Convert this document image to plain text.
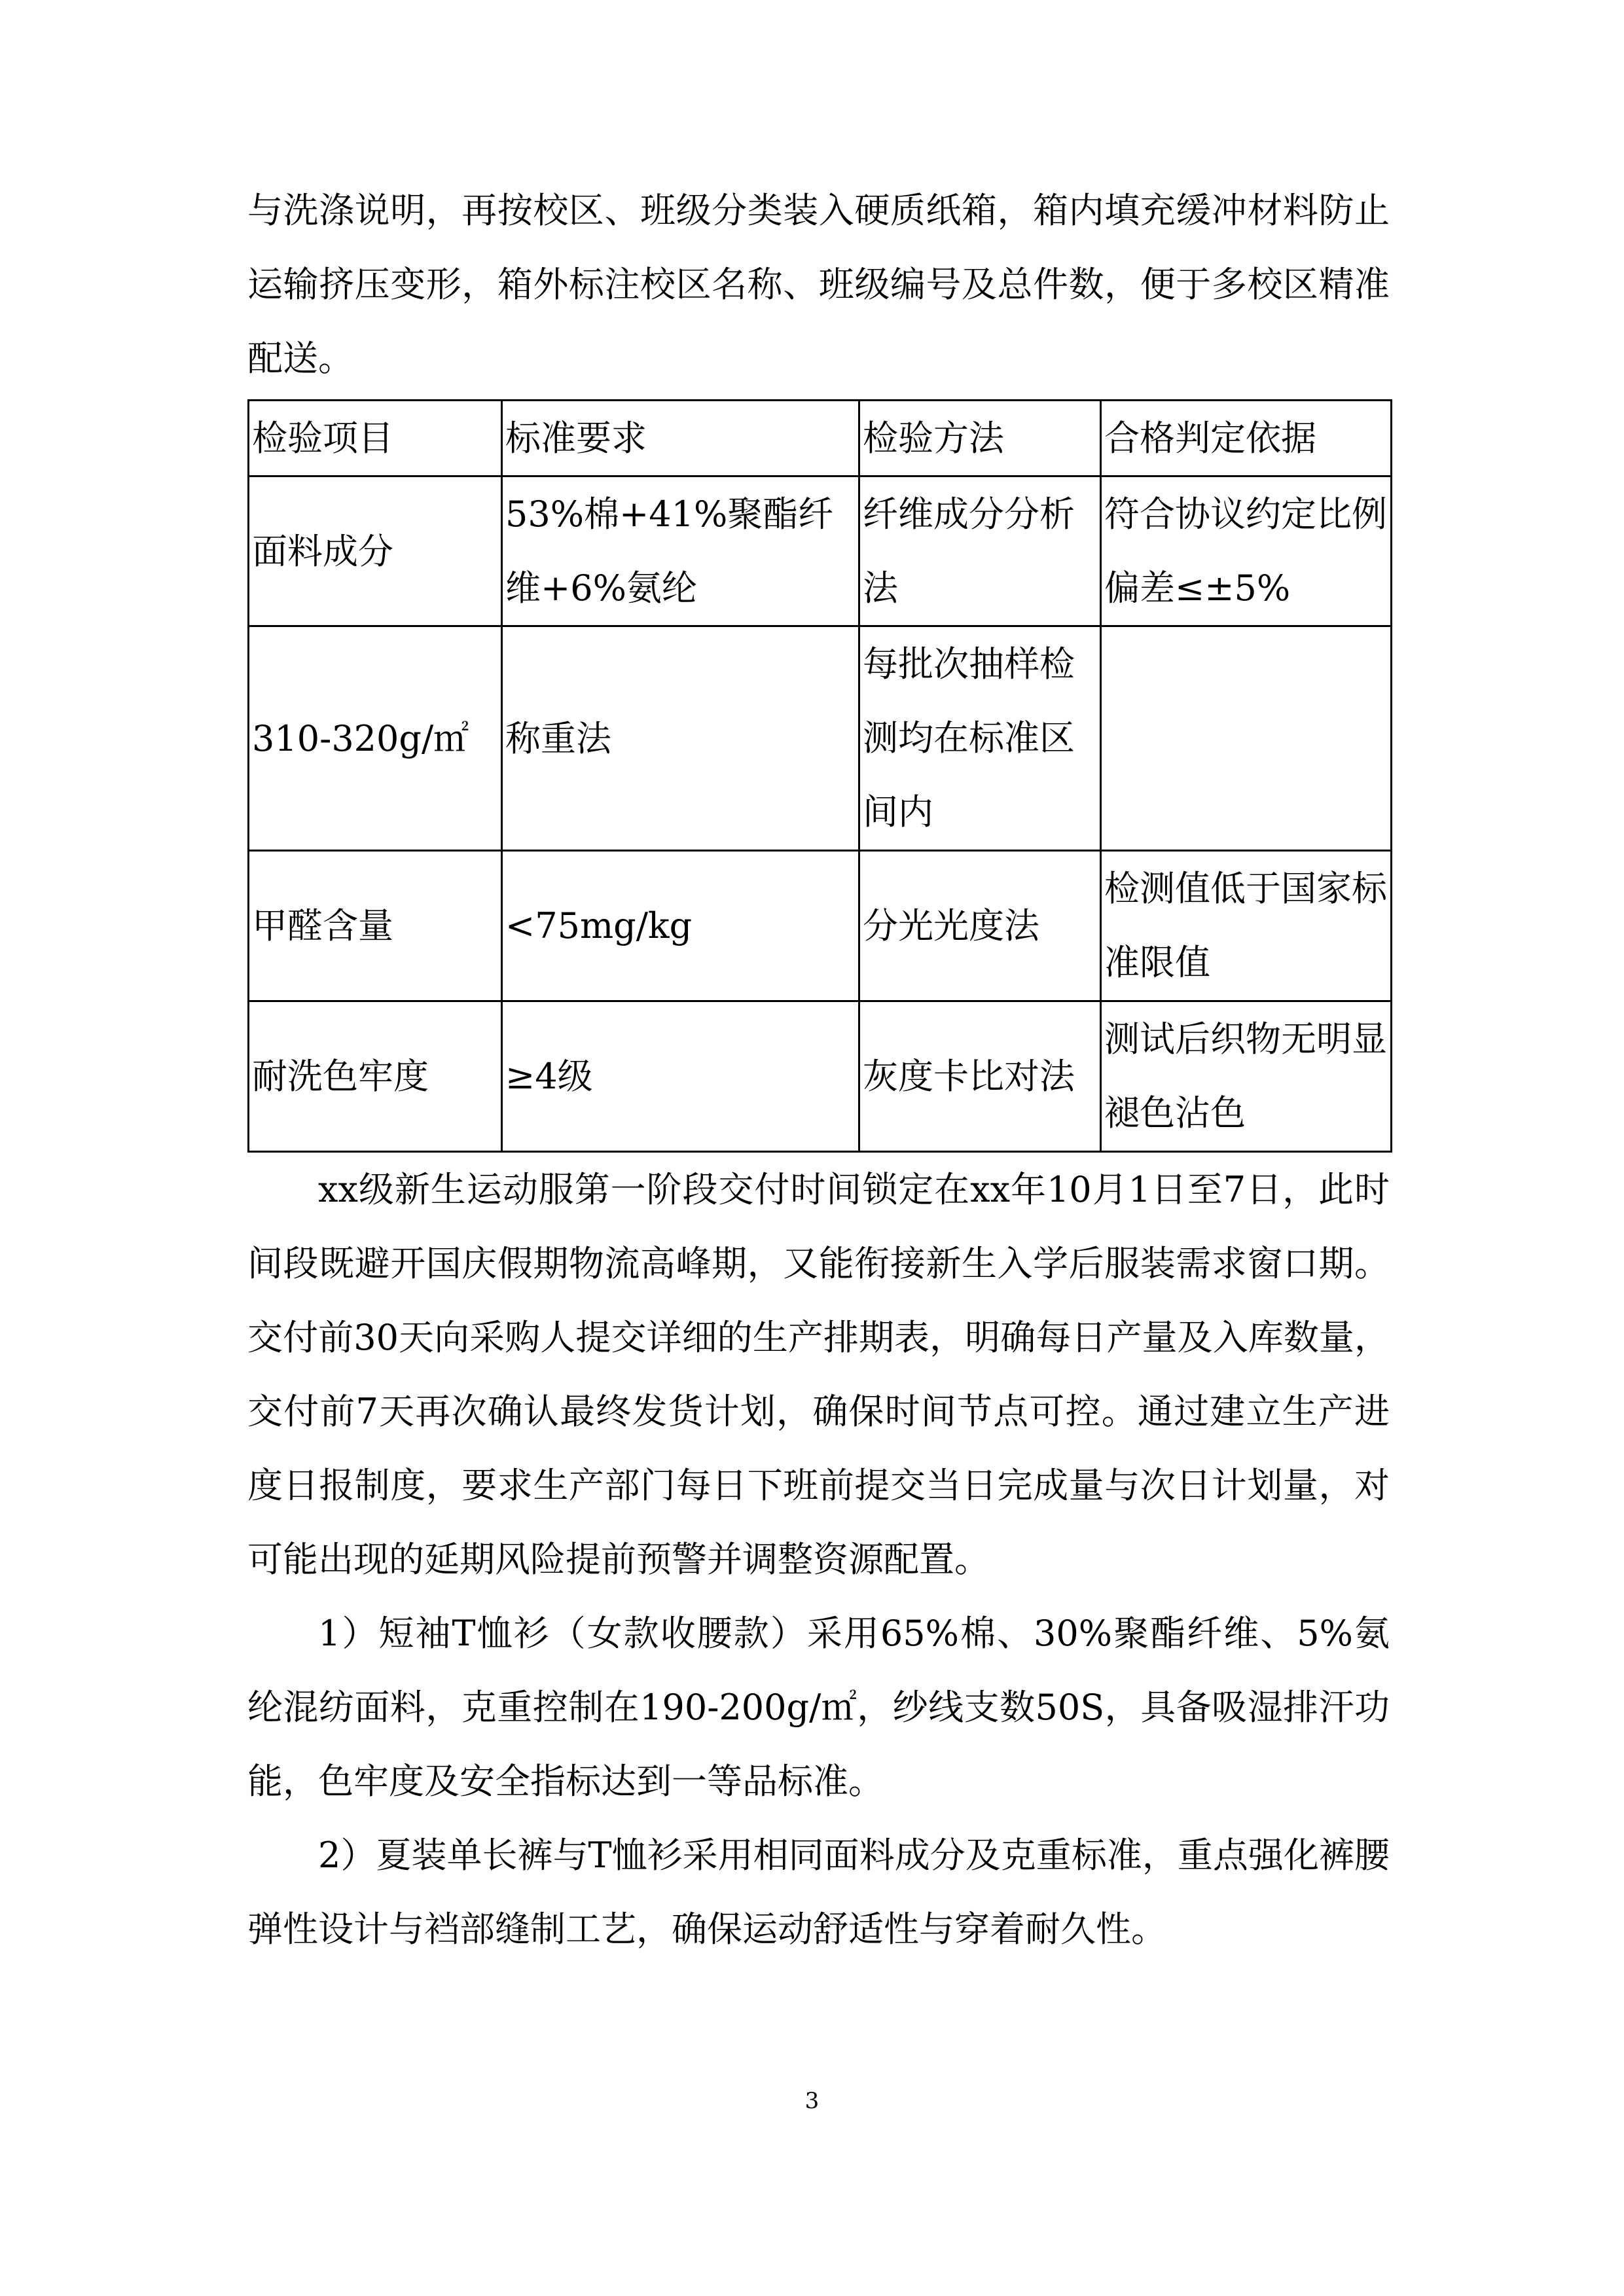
与洗涤说明，再按校区、班级分类装入硬质纸箱，箱内填充缓冲材料防止运输挤压变形，箱外标注校区名称、班级编号及总件数，便于多校区精准配送。

检验项目	标准要求	检验方法	合格判定依据
面料成分	53%棉+41%聚酯纤维+6%氨纶	纤维成分分析法	符合协议约定比例偏差≤±5%
310-320g/㎡	称重法	每批次抽样检测均在标准区间内	
甲醛含量	<75mg/kg	分光光度法	检测值低于国家标准限值
耐洗色牢度	≥4级	灰度卡比对法	测试后织物无明显褪色沾色

xx级新生运动服第一阶段交付时间锁定在xx年10月1日至7日，此时间段既避开国庆假期物流高峰期，又能衔接新生入学后服装需求窗口期。交付前30天向采购人提交详细的生产排期表，明确每日产量及入库数量，交付前7天再次确认最终发货计划，确保时间节点可控。通过建立生产进度日报制度，要求生产部门每日下班前提交当日完成量与次日计划量，对可能出现的延期风险提前预警并调整资源配置。

1）短袖T恤衫（女款收腰款）采用65%棉、30%聚酯纤维、5%氨纶混纺面料，克重控制在190-200g/㎡，纱线支数50S，具备吸湿排汗功能，色牢度及安全指标达到一等品标准。

2）夏装单长裤与T恤衫采用相同面料成分及克重标准，重点强化裤腰弹性设计与裆部缝制工艺，确保运动舒适性与穿着耐久性。

3
